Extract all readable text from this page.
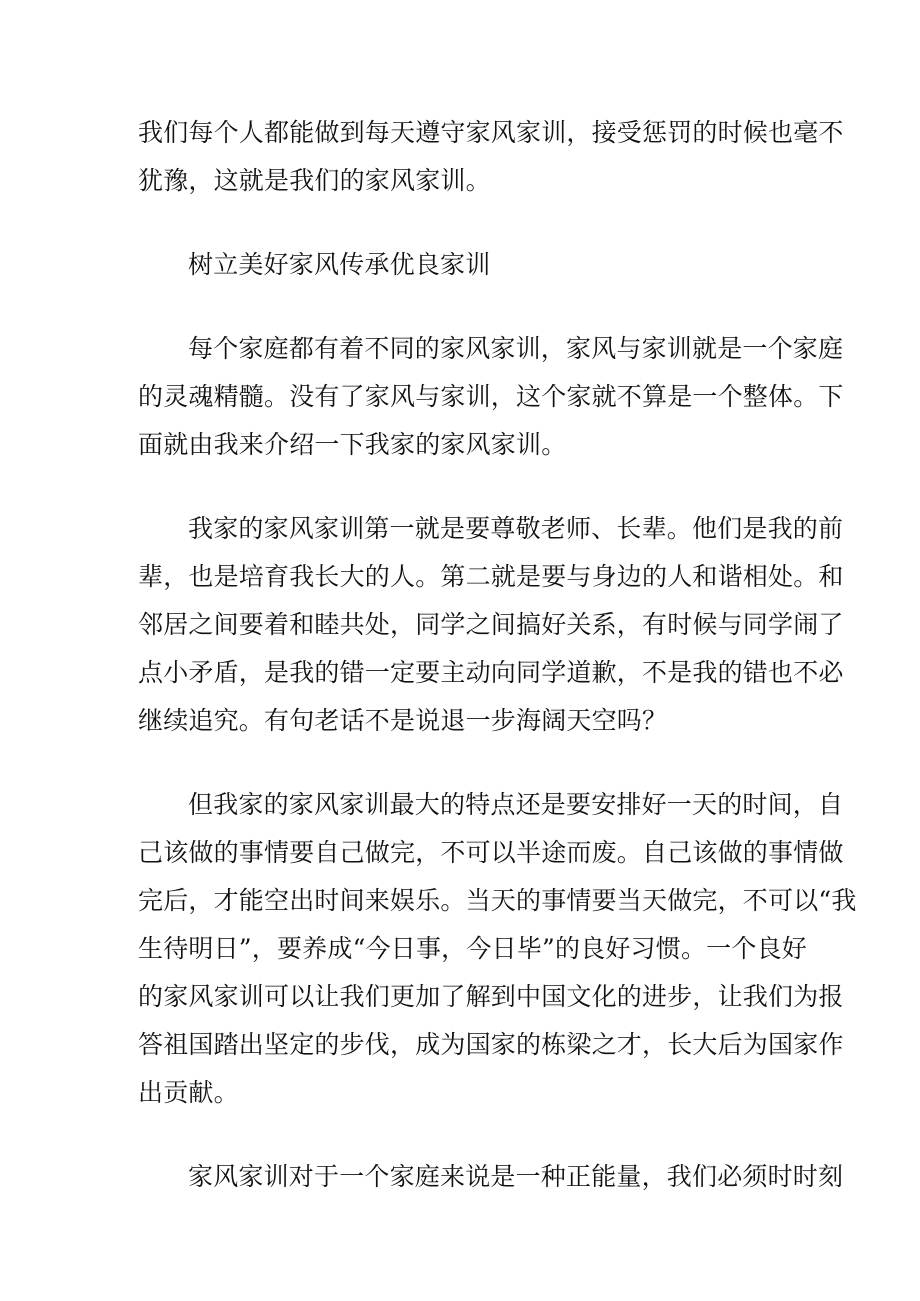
我们每个人都能做到每天遵守家风家训，接受惩罚的时候也毫不

犹豫，这就是我们的家风家训。

树立美好家风传承优良家训

每个家庭都有着不同的家风家训，家风与家训就是一个家庭

的灵魂精髓。没有了家风与家训，这个家就不算是一个整体。下

面就由我来介绍一下我家的家风家训。

我家的家风家训第一就是要尊敬老师、长辈。他们是我的前

辈，也是培育我长大的人。第二就是要与身边的人和谐相处。和

邻居之间要着和睦共处，同学之间搞好关系，有时候与同学闹了

点小矛盾，是我的错一定要主动向同学道歉，不是我的错也不必

继续追究。有句老话不是说退一步海阔天空吗？

但我家的家风家训最大的特点还是要安排好一天的时间，自

己该做的事情要自己做完，不可以半途而废。自己该做的事情做

完后，才能空出时间来娱乐。当天的事情要当天做完，不可以“我

生待明日”，要养成“今日事，今日毕”的良好习惯。一个良好

的家风家训可以让我们更加了解到中国文化的进步，让我们为报

答祖国踏出坚定的步伐，成为国家的栋梁之才，长大后为国家作

出贡献。

家风家训对于一个家庭来说是一种正能量，我们必须时时刻
